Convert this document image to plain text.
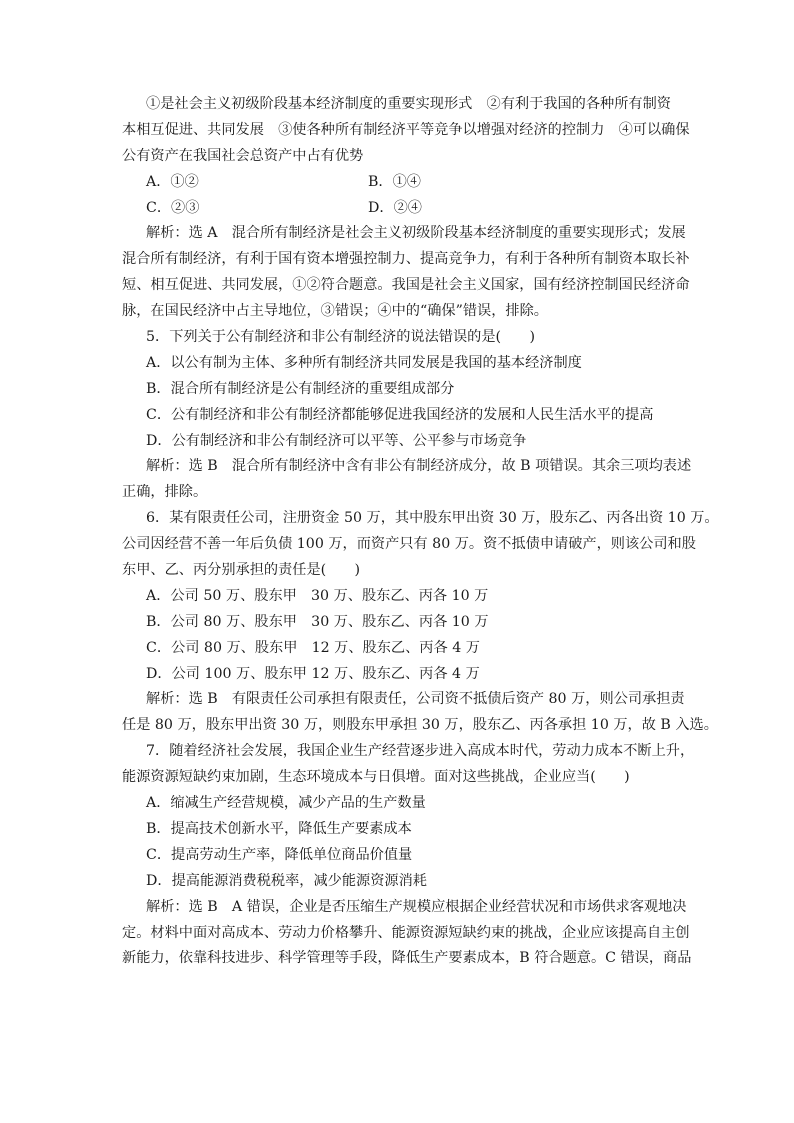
①是社会主义初级阶段基本经济制度的重要实现形式　②有利于我国的各种所有制资
本相互促进、共同发展　③使各种所有制经济平等竞争以增强对经济的控制力　④可以确保
公有资产在我国社会总资产中占有优势
A．①②	B．①④
C．②③	D．②④
解析：选 A　混合所有制经济是社会主义初级阶段基本经济制度的重要实现形式；发展
混合所有制经济，有利于国有资本增强控制力、提高竞争力，有利于各种所有制资本取长补
短、相互促进、共同发展，①②符合题意。我国是社会主义国家，国有经济控制国民经济命
脉，在国民经济中占主导地位，③错误；④中的“确保”错误，排除。
5．下列关于公有制经济和非公有制经济的说法错误的是(　　)
A．以公有制为主体、多种所有制经济共同发展是我国的基本经济制度
B．混合所有制经济是公有制经济的重要组成部分
C．公有制经济和非公有制经济都能够促进我国经济的发展和人民生活水平的提高
D．公有制经济和非公有制经济可以平等、公平参与市场竞争
解析：选 B　混合所有制经济中含有非公有制经济成分，故 B 项错误。其余三项均表述
正确，排除。
6．某有限责任公司，注册资金 50 万，其中股东甲出资 30 万，股东乙、丙各出资 10 万。
公司因经营不善一年后负债 100 万，而资产只有 80 万。资不抵债申请破产，则该公司和股
东甲、乙、丙分别承担的责任是(　　)
A．公司 50 万、股东甲　30 万、股东乙、丙各 10 万
B．公司 80 万、股东甲　30 万、股东乙、丙各 10 万
C．公司 80 万、股东甲　12 万、股东乙、丙各 4 万
D．公司 100 万、股东甲 12 万、股东乙、丙各 4 万
解析：选 B　有限责任公司承担有限责任，公司资不抵债后资产 80 万，则公司承担责
任是 80 万，股东甲出资 30 万，则股东甲承担 30 万，股东乙、丙各承担 10 万，故 B 入选。
7．随着经济社会发展，我国企业生产经营逐步进入高成本时代，劳动力成本不断上升，
能源资源短缺约束加剧，生态环境成本与日俱增。面对这些挑战，企业应当(　　)
A．缩减生产经营规模，减少产品的生产数量
B．提高技术创新水平，降低生产要素成本
C．提高劳动生产率，降低单位商品价值量
D．提高能源消费税税率，减少能源资源消耗
解析：选 B　A 错误，企业是否压缩生产规模应根据企业经营状况和市场供求客观地决
定。材料中面对高成本、劳动力价格攀升、能源资源短缺约束的挑战，企业应该提高自主创
新能力，依靠科技进步、科学管理等手段，降低生产要素成本，B 符合题意。C 错误，商品
